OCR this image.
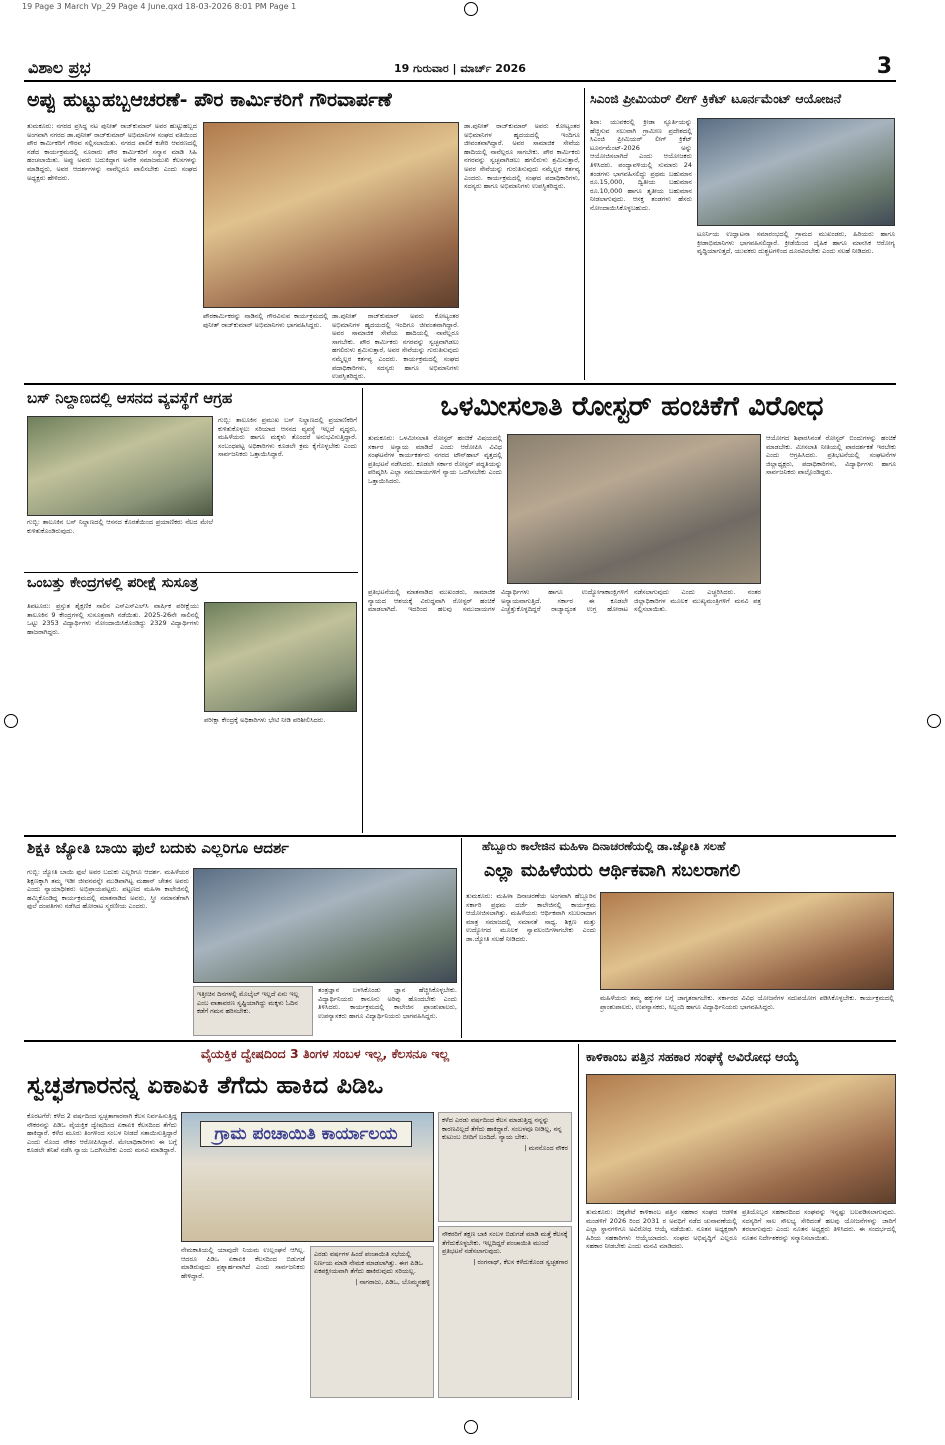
19 Page 3 March Vp_29 Page 4 June.qxd 18-03-2026 8:01 PM Page 1
ವಿಶಾಲ ಪ್ರಭ	19 ಗುರುವಾರ | ಮಾರ್ಚ್ 2026	3
ಅಪ್ಪು ಹುಟ್ಟುಹಬ್ಬಆಚರಣೆ- ಪೌರ ಕಾರ್ಮಿಕರಿಗೆ ಗೌರವಾರ್ಪಣೆ
ತುಮಕೂರು: ನಗರದ ಪ್ರಸಿದ್ಧ ನಟ ಪುನೀತ್ ರಾಜ್‌ಕುಮಾರ್ ಅವರ ಹುಟ್ಟುಹಬ್ಬದ ಅಂಗವಾಗಿ ನಗರದ ಡಾ.ಪುನೀತ್ ರಾಜ್‌ಕುಮಾರ್ ಅಭಿಮಾನಿಗಳ ಸಂಘದ ವತಿಯಿಂದ ಪೌರ ಕಾರ್ಮಿಕರಿಗೆ ಗೌರವ ಸಲ್ಲಿಸಲಾಯಿತು. ನಗರದ ಪಾಲಿಕೆ ಕಚೇರಿ ಆವರಣದಲ್ಲಿ ನಡೆದ ಕಾರ್ಯಕ್ರಮದಲ್ಲಿ ನೂರಾರು ಪೌರ ಕಾರ್ಮಿಕರಿಗೆ ಸನ್ಮಾನ ಮಾಡಿ ಸಿಹಿ ಹಂಚಲಾಯಿತು. ಅಪ್ಪು ಅವರು ಬದುಕಿದ್ದಾಗ ಅನೇಕ ಸಮಾಜಮುಖಿ ಕೆಲಸಗಳನ್ನು ಮಾಡಿದ್ದರು, ಅವರ ಆದರ್ಶಗಳನ್ನು ನಾವೆಲ್ಲರೂ ಪಾಲಿಸಬೇಕು ಎಂದು ಸಂಘದ ಅಧ್ಯಕ್ಷರು ಹೇಳಿದರು.
ಪೌರಕಾರ್ಮಿಕರನ್ನು ನಾಡಿನಲ್ಲಿ ಗೌರವಿಸುವ ಕಾರ್ಯಕ್ರಮದಲ್ಲಿ ಪುನೀತ್ ರಾಜ್‌ಕುಮಾರ್ ಅಭಿಮಾನಿಗಳು ಭಾಗವಹಿಸಿದ್ದರು.
ಡಾ.ಪುನೀತ್ ರಾಜ್‌ಕುಮಾರ್ ಅವರು ಕೋಟ್ಯಂತರ ಅಭಿಮಾನಿಗಳ ಹೃದಯದಲ್ಲಿ ಇಂದಿಗೂ ಜೀವಂತವಾಗಿದ್ದಾರೆ. ಅವರ ಸಾಮಾಜಿಕ ಸೇವೆಯ ಹಾದಿಯಲ್ಲಿ ನಾವೆಲ್ಲರೂ ಸಾಗಬೇಕು. ಪೌರ ಕಾರ್ಮಿಕರು ನಗರವನ್ನು ಸ್ವಚ್ಛವಾಗಿಡಲು ಹಗಲಿರುಳು ಶ್ರಮಿಸುತ್ತಾರೆ, ಅವರ ಸೇವೆಯನ್ನು ಗುರುತಿಸುವುದು ನಮ್ಮೆಲ್ಲರ ಕರ್ತವ್ಯ ಎಂದರು. ಕಾರ್ಯಕ್ರಮದಲ್ಲಿ ಸಂಘದ ಪದಾಧಿಕಾರಿಗಳು, ಸದಸ್ಯರು ಹಾಗೂ ಅಭಿಮಾನಿಗಳು ಉಪಸ್ಥಿತರಿದ್ದರು.
ಡಾ.ಪುನೀತ್ ರಾಜ್‌ಕುಮಾರ್ ಅವರು ಕೋಟ್ಯಂತರ ಅಭಿಮಾನಿಗಳ ಹೃದಯದಲ್ಲಿ ಇಂದಿಗೂ ಜೀವಂತವಾಗಿದ್ದಾರೆ. ಅವರ ಸಾಮಾಜಿಕ ಸೇವೆಯ ಹಾದಿಯಲ್ಲಿ ನಾವೆಲ್ಲರೂ ಸಾಗಬೇಕು. ಪೌರ ಕಾರ್ಮಿಕರು ನಗರವನ್ನು ಸ್ವಚ್ಛವಾಗಿಡಲು ಹಗಲಿರುಳು ಶ್ರಮಿಸುತ್ತಾರೆ, ಅವರ ಸೇವೆಯನ್ನು ಗುರುತಿಸುವುದು ನಮ್ಮೆಲ್ಲರ ಕರ್ತವ್ಯ ಎಂದರು. ಕಾರ್ಯಕ್ರಮದಲ್ಲಿ ಸಂಘದ ಪದಾಧಿಕಾರಿಗಳು, ಸದಸ್ಯರು ಹಾಗೂ ಅಭಿಮಾನಿಗಳು ಉಪಸ್ಥಿತರಿದ್ದರು.
ಸಿಎಂಜಿ ಪ್ರೀಮಿಯರ್ ಲೀಗ್ ಕ್ರಿಕೆಟ್ ಟೂರ್ನಮೆಂಟ್ ಆಯೋಜನೆ
ಶಿರಾ: ಯುವಕರಲ್ಲಿ ಕ್ರೀಡಾ ಸ್ಫೂರ್ತಿಯನ್ನು ಹೆಚ್ಚಿಸುವ ಸಲುವಾಗಿ ಗ್ರಾಮೀಣ ಪ್ರದೇಶದಲ್ಲಿ ಸಿಎಂಜಿ ಪ್ರೀಮಿಯರ್ ಲೀಗ್ ಕ್ರಿಕೆಟ್ ಟೂರ್ನಮೆಂಟ್-2026 ಅನ್ನು ಆಯೋಜಿಸಲಾಗಿದೆ ಎಂದು ಆಯೋಜಕರು ತಿಳಿಸಿದರು. ಪಂದ್ಯಾವಳಿಯಲ್ಲಿ ಸುಮಾರು 24 ತಂಡಗಳು ಭಾಗವಹಿಸಲಿದ್ದು ಪ್ರಥಮ ಬಹುಮಾನ ರೂ.15,000, ದ್ವಿತೀಯ ಬಹುಮಾನ ರೂ.10,000 ಹಾಗೂ ತೃತೀಯ ಬಹುಮಾನ ನೀಡಲಾಗುವುದು. ಆಸಕ್ತ ತಂಡಗಳು ಹೆಸರು ನೋಂದಾಯಿಸಿಕೊಳ್ಳಬಹುದು.
ಟೂರ್ನಿಯ ಉದ್ಘಾಟನಾ ಸಮಾರಂಭದಲ್ಲಿ ಗ್ರಾಮದ ಮುಖಂಡರು, ಹಿರಿಯರು ಹಾಗೂ ಕ್ರೀಡಾಭಿಮಾನಿಗಳು ಭಾಗವಹಿಸಲಿದ್ದಾರೆ. ಕ್ರೀಡೆಯಿಂದ ದೈಹಿಕ ಹಾಗೂ ಮಾನಸಿಕ ಆರೋಗ್ಯ ವೃದ್ಧಿಯಾಗುತ್ತದೆ, ಯುವಕರು ದುಶ್ಚಟಗಳಿಂದ ದೂರವಿರಬೇಕು ಎಂದು ಸಲಹೆ ನೀಡಿದರು.
ಬಸ್ ನಿಲ್ದಾಣದಲ್ಲಿ ಆಸನದ ವ್ಯವಸ್ಥೆಗೆ ಆಗ್ರಹ
ಗುಬ್ಬಿ: ತಾಲೂಕಿನ ಪ್ರಮುಖ ಬಸ್ ನಿಲ್ದಾಣದಲ್ಲಿ ಪ್ರಯಾಣಿಕರಿಗೆ ಕುಳಿತುಕೊಳ್ಳಲು ಸರಿಯಾದ ಆಸನದ ವ್ಯವಸ್ಥೆ ಇಲ್ಲದೆ ವೃದ್ಧರು, ಮಹಿಳೆಯರು ಹಾಗೂ ಮಕ್ಕಳು ತೊಂದರೆ ಅನುಭವಿಸುತ್ತಿದ್ದಾರೆ. ಸಂಬಂಧಪಟ್ಟ ಅಧಿಕಾರಿಗಳು ಕೂಡಲೇ ಕ್ರಮ ಕೈಗೊಳ್ಳಬೇಕು ಎಂದು ಸಾರ್ವಜನಿಕರು ಒತ್ತಾಯಿಸಿದ್ದಾರೆ.
ಗುಬ್ಬಿ: ತಾಲೂಕಿನ ಬಸ್ ನಿಲ್ದಾಣದಲ್ಲಿ ಆಸನದ ಕೊರತೆಯಿಂದ ಪ್ರಯಾಣಿಕರು ನೆಲದ ಮೇಲೆ ಕುಳಿತುಕೊಂಡಿರುವುದು.
ಒಳಮೀಸಲಾತಿ ರೋಸ್ಟರ್ ಹಂಚಿಕೆಗೆ ವಿರೋಧ
ತುಮಕೂರು: ಒಳಮೀಸಲಾತಿ ರೋಸ್ಟರ್ ಹಂಚಿಕೆ ವಿಷಯದಲ್ಲಿ ಸರ್ಕಾರ ಅನ್ಯಾಯ ಮಾಡಿದೆ ಎಂದು ಆರೋಪಿಸಿ ವಿವಿಧ ಸಂಘಟನೆಗಳ ಕಾರ್ಯಕರ್ತರು ನಗರದ ಟೌನ್‌ಹಾಲ್ ವೃತ್ತದಲ್ಲಿ ಪ್ರತಿಭಟನೆ ನಡೆಸಿದರು. ಕೂಡಲೇ ಸರ್ಕಾರ ರೋಸ್ಟರ್ ಪದ್ಧತಿಯನ್ನು ಪರಿಷ್ಕರಿಸಿ ಎಲ್ಲಾ ಸಮುದಾಯಗಳಿಗೆ ನ್ಯಾಯ ಒದಗಿಸಬೇಕು ಎಂದು ಒತ್ತಾಯಿಸಿದರು.
ಪ್ರತಿಭಟನೆಯಲ್ಲಿ ಮಾತನಾಡಿದ ಮುಖಂಡರು, ಸಾಮಾಜಿಕ ನ್ಯಾಯದ ಆಶಯಕ್ಕೆ ವಿರುದ್ಧವಾಗಿ ರೋಸ್ಟರ್ ಹಂಚಿಕೆ ಮಾಡಲಾಗಿದೆ. ಇದರಿಂದ ಹಲವು ಸಮುದಾಯಗಳ ವಿದ್ಯಾರ್ಥಿಗಳು ಹಾಗೂ ಉದ್ಯೋಗಾಕಾಂಕ್ಷಿಗಳಿಗೆ ಅನ್ಯಾಯವಾಗುತ್ತಿದೆ. ಸರ್ಕಾರ ಈ ಕೂಡಲೇ ಎಚ್ಚೆತ್ತುಕೊಳ್ಳದಿದ್ದರೆ ರಾಜ್ಯಾದ್ಯಂತ ಉಗ್ರ ಹೋರಾಟ ನಡೆಸಲಾಗುವುದು ಎಂದು ಎಚ್ಚರಿಸಿದರು. ನಂತರ ಜಿಲ್ಲಾಧಿಕಾರಿಗಳ ಮೂಲಕ ಮುಖ್ಯಮಂತ್ರಿಗಳಿಗೆ ಮನವಿ ಪತ್ರ ಸಲ್ಲಿಸಲಾಯಿತು.
ಆಯೋಗದ ಶಿಫಾರಸಿನಂತೆ ರೋಸ್ಟರ್ ಬಿಂದುಗಳನ್ನು ಹಂಚಿಕೆ ಮಾಡಬೇಕು. ಮೀಸಲಾತಿ ನೀತಿಯಲ್ಲಿ ಪಾರದರ್ಶಕತೆ ಇರಬೇಕು ಎಂದು ಆಗ್ರಹಿಸಿದರು. ಪ್ರತಿಭಟನೆಯಲ್ಲಿ ಸಂಘಟನೆಗಳ ಜಿಲ್ಲಾಧ್ಯಕ್ಷರು, ಪದಾಧಿಕಾರಿಗಳು, ವಿದ್ಯಾರ್ಥಿಗಳು ಹಾಗೂ ಸಾರ್ವಜನಿಕರು ಪಾಲ್ಗೊಂಡಿದ್ದರು.
ಒಂಬತ್ತು ಕೇಂದ್ರಗಳಲ್ಲಿ ಪರೀಕ್ಷೆ ಸುಸೂತ್ರ
ತಿಪಟೂರು: ಪ್ರಸ್ತುತ ಶೈಕ್ಷಣಿಕ ಸಾಲಿನ ಎಸ್‌ಎಸ್‌ಎಲ್‌ಸಿ ವಾರ್ಷಿಕ ಪರೀಕ್ಷೆಯು ತಾಲೂಕಿನ 9 ಕೇಂದ್ರಗಳಲ್ಲಿ ಸುಸೂತ್ರವಾಗಿ ನಡೆಯಿತು. 2025-26ನೇ ಸಾಲಿನಲ್ಲಿ ಒಟ್ಟು 2353 ವಿದ್ಯಾರ್ಥಿಗಳು ನೋಂದಾಯಿಸಿಕೊಂಡಿದ್ದು 2329 ವಿದ್ಯಾರ್ಥಿಗಳು ಹಾಜರಾಗಿದ್ದರು.
ಪರೀಕ್ಷಾ ಕೇಂದ್ರಕ್ಕೆ ಅಧಿಕಾರಿಗಳು ಭೇಟಿ ನೀಡಿ ಪರಿಶೀಲಿಸಿದರು.
ಶಿಕ್ಷಕಿ ಜ್ಯೋತಿ ಬಾಯಿ ಫುಲೆ ಬದುಕು ಎಲ್ಲರಿಗೂ ಆದರ್ಶ
ಗುಬ್ಬಿ: ಜ್ಯೋತಿ ಬಾಯಿ ಫುಲೆ ಅವರ ಬದುಕು ಎಲ್ಲರಿಗೂ ಆದರ್ಶ. ಮಹಿಳೆಯರ ಶಿಕ್ಷಣಕ್ಕಾಗಿ ತಮ್ಮ ಇಡೀ ಜೀವನವನ್ನೇ ಮುಡಿಪಾಗಿಟ್ಟ ಮಹಾನ್ ಚೇತನ ಅವರು ಎಂದು ನ್ಯಾಯಾಧೀಶರು ಅಭಿಪ್ರಾಯಪಟ್ಟರು. ಪಟ್ಟಣದ ಮಹಿಳಾ ಕಾಲೇಜಿನಲ್ಲಿ ಹಮ್ಮಿಕೊಂಡಿದ್ದ ಕಾರ್ಯಕ್ರಮದಲ್ಲಿ ಮಾತನಾಡಿದ ಅವರು, ಸ್ತ್ರೀ ಸಮಾನತೆಗಾಗಿ ಫುಲೆ ದಂಪತಿಗಳು ನಡೆಸಿದ ಹೋರಾಟ ಸ್ಮರಣೀಯ ಎಂದರು.
ಇತ್ತೀಚಿನ ದಿನಗಳಲ್ಲಿ ಮೊಬೈಲ್ ಇಲ್ಲದೆ ಏನು ಇಲ್ಲ ಎಂಬ ವಾತಾವರಣ ಸೃಷ್ಟಿಯಾಗಿದ್ದು ಮಕ್ಕಳು ಓದಿನ ಕಡೆಗೆ ಗಮನ ಹರಿಸಬೇಕು.
ತಂತ್ರಜ್ಞಾನ ಬಳಸಿಕೊಂಡು ಜ್ಞಾನ ಹೆಚ್ಚಿಸಿಕೊಳ್ಳಬೇಕು. ವಿದ್ಯಾರ್ಥಿನಿಯರು ಕಾನೂನು ಅರಿವು ಹೊಂದಬೇಕು ಎಂದು ತಿಳಿಸಿದರು. ಕಾರ್ಯಕ್ರಮದಲ್ಲಿ ಕಾಲೇಜಿನ ಪ್ರಾಂಶುಪಾಲರು, ಉಪನ್ಯಾಸಕರು ಹಾಗೂ ವಿದ್ಯಾರ್ಥಿನಿಯರು ಭಾಗವಹಿಸಿದ್ದರು.
ಹೆಬ್ಬೂರು ಕಾಲೇಜಿನ ಮಹಿಳಾ ದಿನಾಚರಣೆಯಲ್ಲಿ ಡಾ.ಜ್ಯೋತಿ ಸಲಹೆ
ಎಲ್ಲಾ ಮಹಿಳೆಯರು ಆರ್ಥಿಕವಾಗಿ ಸಬಲರಾಗಲಿ
ತುಮಕೂರು: ಮಹಿಳಾ ದಿನಾಚರಣೆಯ ಅಂಗವಾಗಿ ಹೆಬ್ಬೂರಿನ ಸರ್ಕಾರಿ ಪ್ರಥಮ ದರ್ಜೆ ಕಾಲೇಜಿನಲ್ಲಿ ಕಾರ್ಯಕ್ರಮ ಆಯೋಜಿಸಲಾಗಿತ್ತು. ಮಹಿಳೆಯರು ಆರ್ಥಿಕವಾಗಿ ಸಬಲರಾದಾಗ ಮಾತ್ರ ಸಮಾಜದಲ್ಲಿ ಸಮಾನತೆ ಸಾಧ್ಯ. ಶಿಕ್ಷಣ ಮತ್ತು ಉದ್ಯೋಗದ ಮೂಲಕ ಸ್ವಾವಲಂಬಿಗಳಾಗಬೇಕು ಎಂದು ಡಾ.ಜ್ಯೋತಿ ಸಲಹೆ ನೀಡಿದರು.
ಮಹಿಳೆಯರು ತಮ್ಮ ಹಕ್ಕುಗಳ ಬಗ್ಗೆ ಜಾಗೃತರಾಗಬೇಕು. ಸರ್ಕಾರದ ವಿವಿಧ ಯೋಜನೆಗಳ ಸದುಪಯೋಗ ಪಡಿಸಿಕೊಳ್ಳಬೇಕು. ಕಾರ್ಯಕ್ರಮದಲ್ಲಿ ಪ್ರಾಂಶುಪಾಲರು, ಉಪನ್ಯಾಸಕರು, ಸಿಬ್ಬಂದಿ ಹಾಗೂ ವಿದ್ಯಾರ್ಥಿನಿಯರು ಭಾಗವಹಿಸಿದ್ದರು.
ವೈಯಕ್ತಿಕ ದ್ವೇಷದಿಂದ 3 ತಿಂಗಳ ಸಂಬಳ ಇಲ್ಲ, ಕೆಲಸನೂ ಇಲ್ಲ
ಸ್ವಚ್ಛತಗಾರನನ್ನ ಏಕಾಏಕಿ ತೆಗೆದು ಹಾಕಿದ ಪಿಡಿಒ
ಕೊರಟಗೆರೆ: ಕಳೆದ 2 ವರ್ಷದಿಂದ ಸ್ವಚ್ಛತಾಗಾರನಾಗಿ ಕೆಲಸ ನಿರ್ವಹಿಸುತ್ತಿದ್ದ ನೌಕರನನ್ನು ಪಿಡಿಒ ವೈಯಕ್ತಿಕ ದ್ವೇಷದಿಂದ ಏಕಾಏಕಿ ಕೆಲಸದಿಂದ ತೆಗೆದು ಹಾಕಿದ್ದಾರೆ. ಕಳೆದ ಮೂರು ತಿಂಗಳಿಂದ ಸಂಬಳ ನೀಡದೆ ಸತಾಯಿಸುತ್ತಿದ್ದಾರೆ ಎಂದು ನೊಂದ ನೌಕರ ಆರೋಪಿಸಿದ್ದಾರೆ. ಮೇಲಾಧಿಕಾರಿಗಳು ಈ ಬಗ್ಗೆ ಕೂಡಲೇ ತನಿಖೆ ನಡೆಸಿ ನ್ಯಾಯ ಒದಗಿಸಬೇಕು ಎಂದು ಮನವಿ ಮಾಡಿದ್ದಾರೆ.
ಗ್ರಾಮ ಪಂಚಾಯಿತಿ ಕಾರ್ಯಾಲಯ
ಕಳೆದ ಎರಡು ವರ್ಷದಿಂದ ಕೆಲಸ ಮಾಡುತ್ತಿದ್ದ ನನ್ನನ್ನು ಕಾರಣವಿಲ್ಲದೆ ತೆಗೆದು ಹಾಕಿದ್ದಾರೆ. ಸಂಬಳವೂ ನೀಡಿಲ್ಲ, ನನ್ನ ಕುಟುಂಬ ಬೀದಿಗೆ ಬಂದಿದೆ. ನ್ಯಾಯ ಬೇಕು.
| ಮನನೊಂದ ನೌಕರ
ನೇಮಕಾತಿಯಲ್ಲಿ ಯಾವುದೇ ನಿಯಮ ಉಲ್ಲಂಘನೆ ಆಗಿಲ್ಲ. ಆದರೂ ಪಿಡಿಒ ಏಕಾಏಕಿ ಕೆಲಸದಿಂದ ಬಿಡುಗಡೆ ಮಾಡಿರುವುದು ಪ್ರಶ್ನಾರ್ಹವಾಗಿದೆ ಎಂದು ಸಾರ್ವಜನಿಕರು ಹೇಳಿದ್ದಾರೆ.
ಎರಡು ವರ್ಷಗಳ ಹಿಂದೆ ಪಂಚಾಯಿತಿ ಸಭೆಯಲ್ಲಿ ನಿರ್ಣಯ ಮಾಡಿ ನೇಮಕ ಮಾಡಲಾಗಿತ್ತು. ಈಗ ಪಿಡಿಒ ಏಕಪಕ್ಷೀಯವಾಗಿ ತೆಗೆದು ಹಾಕಿರುವುದು ಸರಿಯಲ್ಲ.
| ನಾಗರಾಜು, ಪಿಡಿಒ, ಬೊಮ್ಮನಹಳ್ಳಿ
ನೌಕರರಿಗೆ ತಕ್ಷಣ ಬಾಕಿ ಸಂಬಳ ಬಿಡುಗಡೆ ಮಾಡಿ ಮತ್ತೆ ಕೆಲಸಕ್ಕೆ ತೆಗೆದುಕೊಳ್ಳಬೇಕು. ಇಲ್ಲದಿದ್ದರೆ ಪಂಚಾಯಿತಿ ಮುಂದೆ ಪ್ರತಿಭಟನೆ ನಡೆಸಲಾಗುವುದು.
| ರಂಗನಾಥ್, ಕೆಲಸ ಕಳೆದುಕೊಂಡ ಸ್ವಚ್ಛತಗಾರ
ಕಾಳಿಕಾಂಬ ಪತ್ತಿನ ಸಹಕಾರ ಸಂಘಕ್ಕೆ ಅವಿರೋಧ ಆಯ್ಕೆ
ತುಮಕೂರು: ಚಿಕ್ಕಪೇಟೆ ಕಾಳಿಕಾಂಬ ಪತ್ತಿನ ಸಹಕಾರ ಸಂಘದ ಆಡಳಿತ ಮಂಡಳಿಗೆ 2026 ರಿಂದ 2031 ರ ಅವಧಿಗೆ ನಡೆದ ಚುನಾವಣೆಯಲ್ಲಿ ಎಲ್ಲಾ ಸ್ಥಾನಗಳಿಗೂ ಅವಿರೋಧ ಆಯ್ಕೆ ನಡೆಯಿತು. ನೂತನ ಅಧ್ಯಕ್ಷರಾಗಿ ಹಿರಿಯ ಸಹಕಾರಿಗಳು ಆಯ್ಕೆಯಾದರು. ಸಂಘದ ಅಭಿವೃದ್ಧಿಗೆ ಎಲ್ಲರೂ ಸಹಕಾರ ನೀಡಬೇಕು ಎಂದು ಮನವಿ ಮಾಡಿದರು.
ಪ್ರತಿಯೊಬ್ಬರ ಸಹಕಾರದಿಂದ ಸಂಘವನ್ನು ಇನ್ನಷ್ಟು ಬಲಪಡಿಸಲಾಗುವುದು. ಸದಸ್ಯರಿಗೆ ಸಾಲ ಸೌಲಭ್ಯ ಸೇರಿದಂತೆ ಹಲವು ಯೋಜನೆಗಳನ್ನು ಜಾರಿಗೆ ತರಲಾಗುವುದು ಎಂದು ನೂತನ ಅಧ್ಯಕ್ಷರು ತಿಳಿಸಿದರು. ಈ ಸಂದರ್ಭದಲ್ಲಿ ನೂತನ ನಿರ್ದೇಶಕರನ್ನು ಸನ್ಮಾನಿಸಲಾಯಿತು.
